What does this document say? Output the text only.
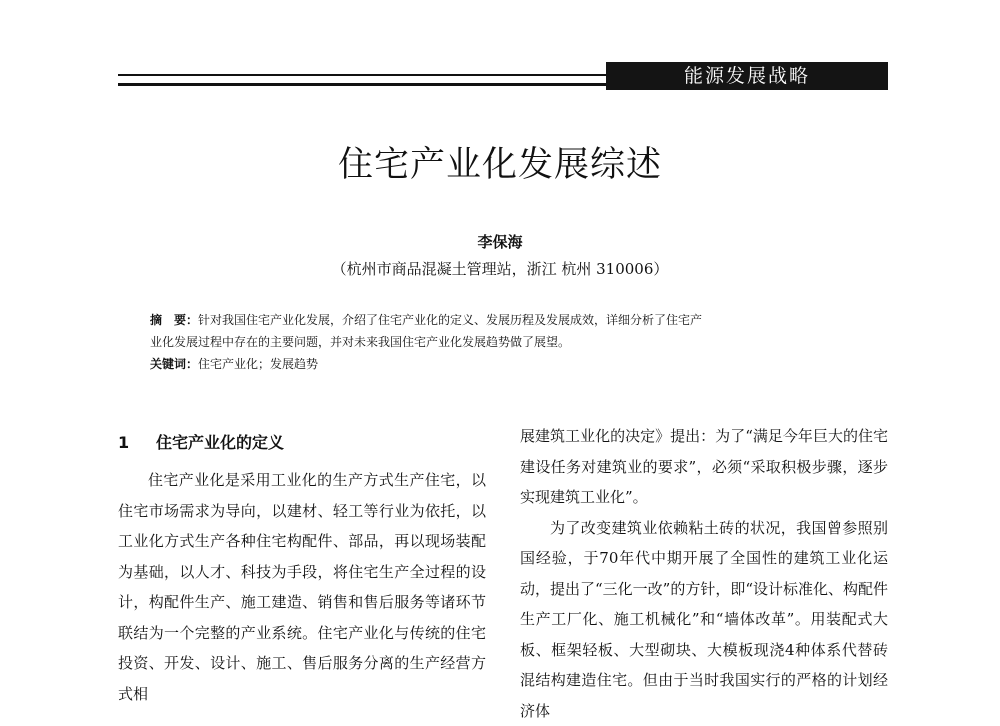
能源发展战略
住宅产业化发展综述
李保海
（杭州市商品混凝土管理站，浙江 杭州 310006）

摘　要：针对我国住宅产业化发展，介绍了住宅产业化的定义、发展历程及发展成效，详细分析了住宅产

业化发展过程中存在的主要问题，并对未来我国住宅产业化发展趋势做了展望。

关键词：住宅产业化；发展趋势

1 住宅产业化的定义

住宅产业化是采用工业化的生产方式生产住宅，以住宅市场需求为导向，以建材、轻工等行业为依托，以工业化方式生产各种住宅构配件、部品，再以现场装配为基础，以人才、科技为手段，将住宅生产全过程的设计，构配件生产、施工建造、销售和售后服务等诸环节联结为一个完整的产业系统。住宅产业化与传统的住宅投资、开发、设计、施工、售后服务分离的生产经营方式相

展建筑工业化的决定》提出：为了“满足今年巨大的住宅建设任务对建筑业的要求”，必须“采取积极步骤，逐步实现建筑工业化”。

为了改变建筑业依赖粘土砖的状况，我国曾参照别国经验，于70年代中期开展了全国性的建筑工业化运动，提出了“三化一改”的方针，即“设计标准化、构配件生产工厂化、施工机械化”和“墙体改革”。用装配式大板、框架轻板、大型砌块、大模板现浇4种体系代替砖混结构建造住宅。但由于当时我国实行的严格的计划经济体
